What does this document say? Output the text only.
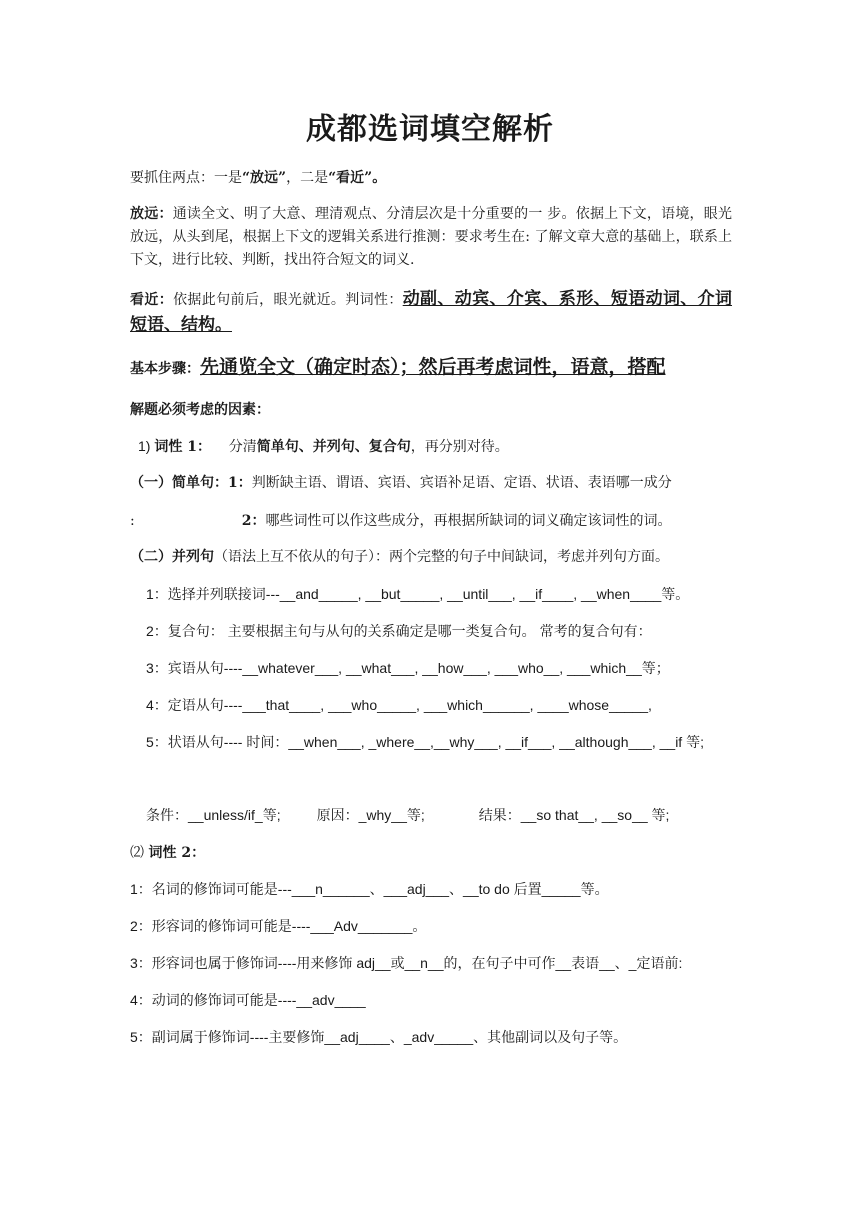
成都选词填空解析
要抓住两点：一是“放远”，二是“看近”。
放远：通读全文、明了大意、理清观点、分清层次是十分重要的一 步。依据上下文，语境，眼光放远，从头到尾，根据上下文的逻辑关系进行推测：要求考生在: 了解文章大意的基础上，联系上下文，进行比较、判断，找出符合短文的词义.
看近：依据此句前后，眼光就近。判词性：动副、动宾、介宾、系形、短语动词、介词短语、结构。
基本步骤：先通览全文（确定时态）；然后再考虑词性，语意，搭配
解题必须考虑的因素：
1) 词性 1：    分清简单句、并列句、复合句，再分别对待。
（一）简单句：1：判断缺主语、谓语、宾语、宾语补足语、定语、状语、表语哪一成分
:	2：哪些词性可以作这些成分，再根据所缺词的词义确定该词性的词。
（二）并列句（语法上互不依从的句子）：两个完整的句子中间缺词，考虑并列句方面。
1：选择并列联接词---__and_____, __but_____, __until___, __if____, __when____等。
2：复合句： 主要根据主句与从句的关系确定是哪一类复合句。 常考的复合句有：
3：宾语从句----__whatever___, __what___, __how___, ___who__, ___which__等；
4：定语从句----___that____, ___who_____, ___which______, ____whose_____,
5：状语从句---- 时间：__when___, _where__,__why___, __if___, __although___, __if 等;
条件：__unless/if_等;	原因：_why__等;	结果：__so that__, __so__ 等;
⑵ 词性 2：
1：名词的修饰词可能是---___n______、___adj___、__to do 后置_____等。
2：形容词的修饰词可能是----___Adv_______。
3：形容词也属于修饰词----用来修饰 adj__或__n__的，在句子中可作__表语__、_定语前:
4：动词的修饰词可能是----__adv____
5：副词属于修饰词----主要修饰__adj____、_adv_____、其他副词以及句子等。
